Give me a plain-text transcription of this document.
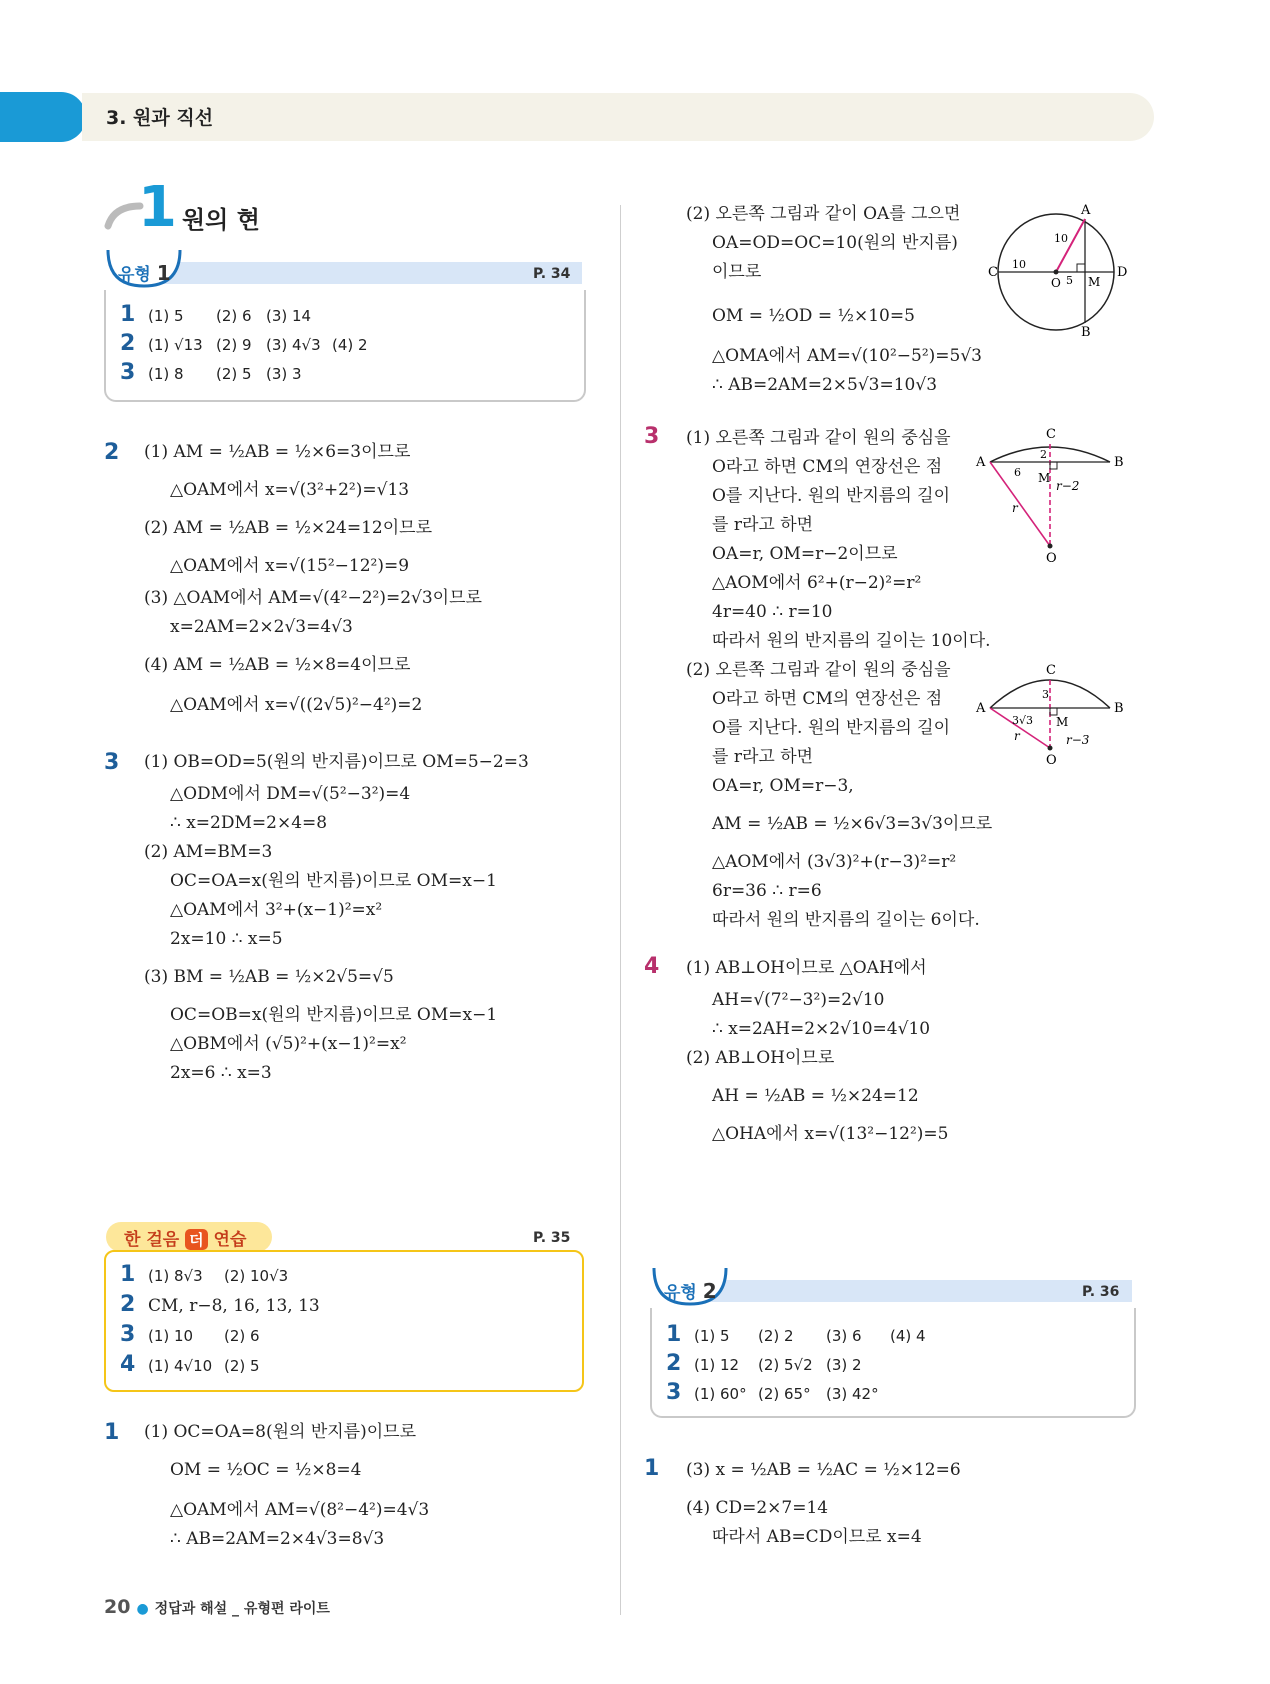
3. 원과 직선
1 원의 현
유형 1	P. 34
1 (1) 5 (2) 6 (3) 14
2 (1) √13 (2) 9 (3) 4√3 (4) 2
3 (1) 8 (2) 5 (3) 3
2 (1) AM = ½AB = ½×6=3이므로
△OAM에서 x=√(3²+2²)=√13
(2) AM = ½AB = ½×24=12이므로
△OAM에서 x=√(15²−12²)=9
(3) △OAM에서 AM=√(4²−2²)=2√3이므로
x=2AM=2×2√3=4√3
(4) AM = ½AB = ½×8=4이므로
△OAM에서 x=√((2√5)²−4²)=2
3 (1) OB=OD=5(원의 반지름)이므로 OM=5−2=3
△ODM에서 DM=√(5²−3²)=4
∴ x=2DM=2×4=8
(2) AM=BM=3
OC=OA=x(원의 반지름)이므로 OM=x−1
△OAM에서 3²+(x−1)²=x²
2x=10 ∴ x=5
(3) BM = ½AB = ½×2√5=√5
OC=OB=x(원의 반지름)이므로 OM=x−1
△OBM에서 (√5)²+(x−1)²=x²
2x=6 ∴ x=3
한 걸음 더 연습	P. 35
1 (1) 8√3 (2) 10√3
2 CM, r−8, 16, 13, 13
3 (1) 10 (2) 6
4 (1) 4√10 (2) 5
1 (1) OC=OA=8(원의 반지름)이므로
OM = ½OC = ½×8=4
△OAM에서 AM=√(8²−4²)=4√3
∴ AB=2AM=2×4√3=8√3
(2) 오른쪽 그림과 같이 OA를 그으면
OA=OD=OC=10(원의 반지름)
이므로
OM = ½OD = ½×10=5
△OMA에서 AM=√(10²−5²)=5√3
∴ AB=2AM=2×5√3=10√3
A
B
C	D
O M
10
10
5
3 (1) 오른쪽 그림과 같이 원의 중심을
O라고 하면 CM의 연장선은 점
O를 지난다. 원의 반지름의 길이
를 r라고 하면
OA=r, OM=r−2이므로
△AOM에서 6²+(r−2)²=r²
4r=40 ∴ r=10
따라서 원의 반지름의 길이는 10이다.
(2) 오른쪽 그림과 같이 원의 중심을
O라고 하면 CM의 연장선은 점
O를 지난다. 원의 반지름의 길이
를 r라고 하면
OA=r, OM=r−3,
AM = ½AB = ½×6√3=3√3이므로
△AOM에서 (3√3)²+(r−3)²=r²
6r=36 ∴ r=6
따라서 원의 반지름의 길이는 6이다.
C
A	B
M
O
6
2
r
r−2
C
A	B
M
O
3√3
3
r	r−3
4 (1) AB⊥OH이므로 △OAH에서
AH=√(7²−3²)=2√10
∴ x=2AH=2×2√10=4√10
(2) AB⊥OH이므로
AH = ½AB = ½×24=12
△OHA에서 x=√(13²−12²)=5
유형 2	P. 36
1 (1) 5 (2) 2 (3) 6 (4) 4
2 (1) 12 (2) 5√2 (3) 2
3 (1) 60° (2) 65° (3) 42°
1 (3) x = ½AB = ½AC = ½×12=6
(4) CD=2×7=14
따라서 AB=CD이므로 x=4
20 ● 정답과 해설 _ 유형편 라이트
